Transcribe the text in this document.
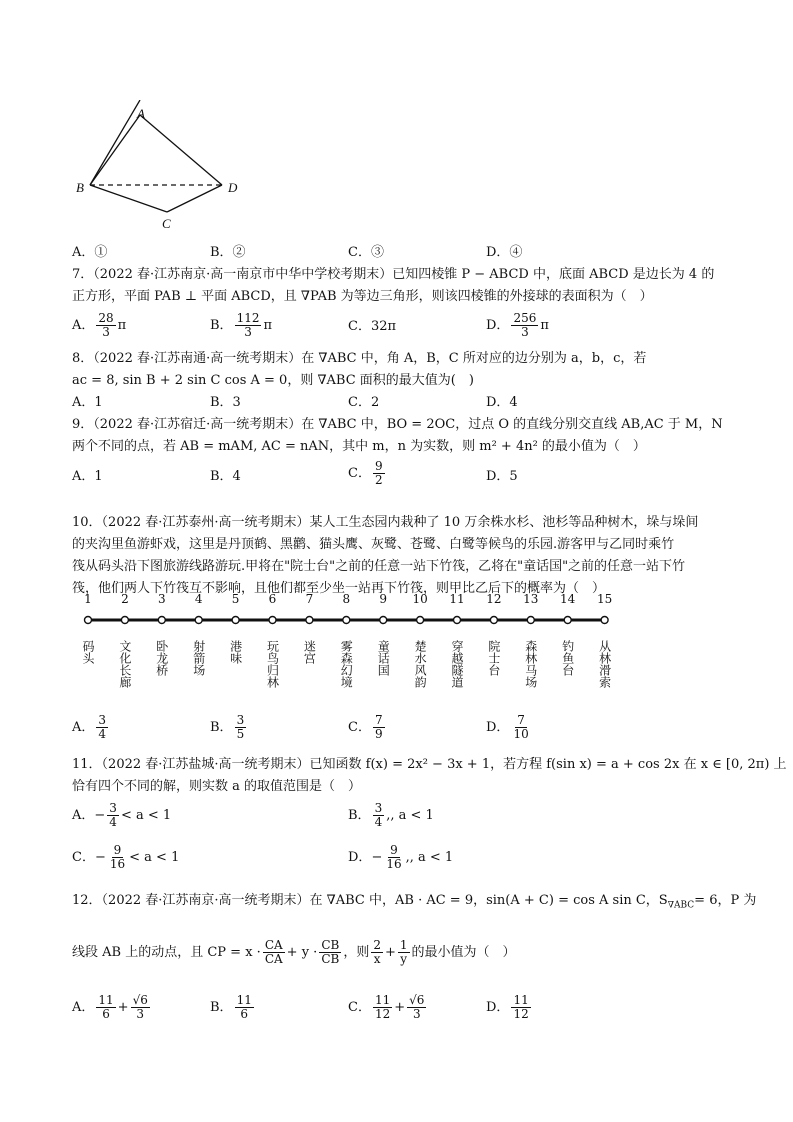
A
B
C
D
A．①	B．②	C．③	D．④
7．（2022 春·江苏南京·高一南京市中华中学校考期末）已知四棱锥 P − ABCD 中，底面 ABCD 是边长为 4 的
正方形，平面 PAB ⊥ 平面 ABCD，且 ∇PAB 为等边三角形，则该四棱锥的外接球的表面积为（　）
A． $\frac{28}{3}$ π	B． $\frac{112}{3}$ π	C．32π	D． $\frac{256}{3}$ π
8．（2022 春·江苏南通·高一统考期末）在 ∇ABC 中，角 A，B，C 所对应的边分别为 a，b，c，若
ac = 8, sin B + 2 sin C cos A = 0，则 ∇ABC 面积的最大值为(　)
A．1	B．3	C．2	D．4
9．（2022 春·江苏宿迁·高一统考期末）在 ∇ABC 中，BO = 2OC，过点 O 的直线分别交直线 AB,AC 于 M，N
两个不同的点，若 AB = mAM, AC = nAN，其中 m，n 为实数，则 m² + 4n² 的最小值为（　）
A．1	B．4	C． $\frac{9}{2}$	D．5
10．（2022 春·江苏泰州·高一统考期末）某人工生态园内栽种了 10 万余株水杉、池杉等品种树木，垛与垛间
的夹沟里鱼游虾戏，这里是丹顶鹤、黑鹳、猫头鹰、灰鹭、苍鹭、白鹭等候鸟的乐园.游客甲与乙同时乘竹
筏从码头沿下图旅游线路游玩.甲将在"院士台"之前的任意一站下竹筏，乙将在"童话国"之前的任意一站下竹
筏，他们两人下竹筏互不影响，且他们都至少坐一站再下竹筏，则甲比乙后下的概率为（　）
1	2	3	4	5	6	7	8	9	10 11 12 13 14 15
码头 文化长廊 卧龙桥 射箭场 港味 玩鸟归林 迷宫 雾森幻境 童话国 楚水风韵 穿越隧道 院士台 森林马场 钓鱼台 从林滑索
A． $\frac{3}{4}$	B． $\frac{3}{5}$	C． $\frac{7}{9}$	D． $\frac{7}{10}$
11．（2022 春·江苏盐城·高一统考期末）已知函数 f(x) = 2x² − 3x + 1，若方程 f(sin x) = a + cos 2x 在 x ∈ [0, 2π) 上
恰有四个不同的解，则实数 a 的取值范围是（　）
A．− $\frac{3}{4} < a < 1$	B． $\frac{3}{4}$ ,, a < 1
C．− $\frac{9}{16} < a < 1$	D．− $\frac{9}{16}$ ,, a < 1
12．（2022 春·江苏南京·高一统考期末）在 ∇ABC 中，AB · AC = 9，sin(A + C) = cos A sin C，$S_{\nabla ABC}= 6$，P 为
线段 AB 上的动点，且 CP = $x \cdot \frac{CA}{CA} + y \cdot \frac{CB}{CB}$ ，则 $\frac{2}{x} + \frac{1}{y}$ 的最小值为（　）
A． $\frac{11}{6} + \frac{√6}{3}$	B． $\frac{11}{6}$	C． $\frac{11}{12} + \frac{√6}{3}$	D． $\frac{11}{12}$
